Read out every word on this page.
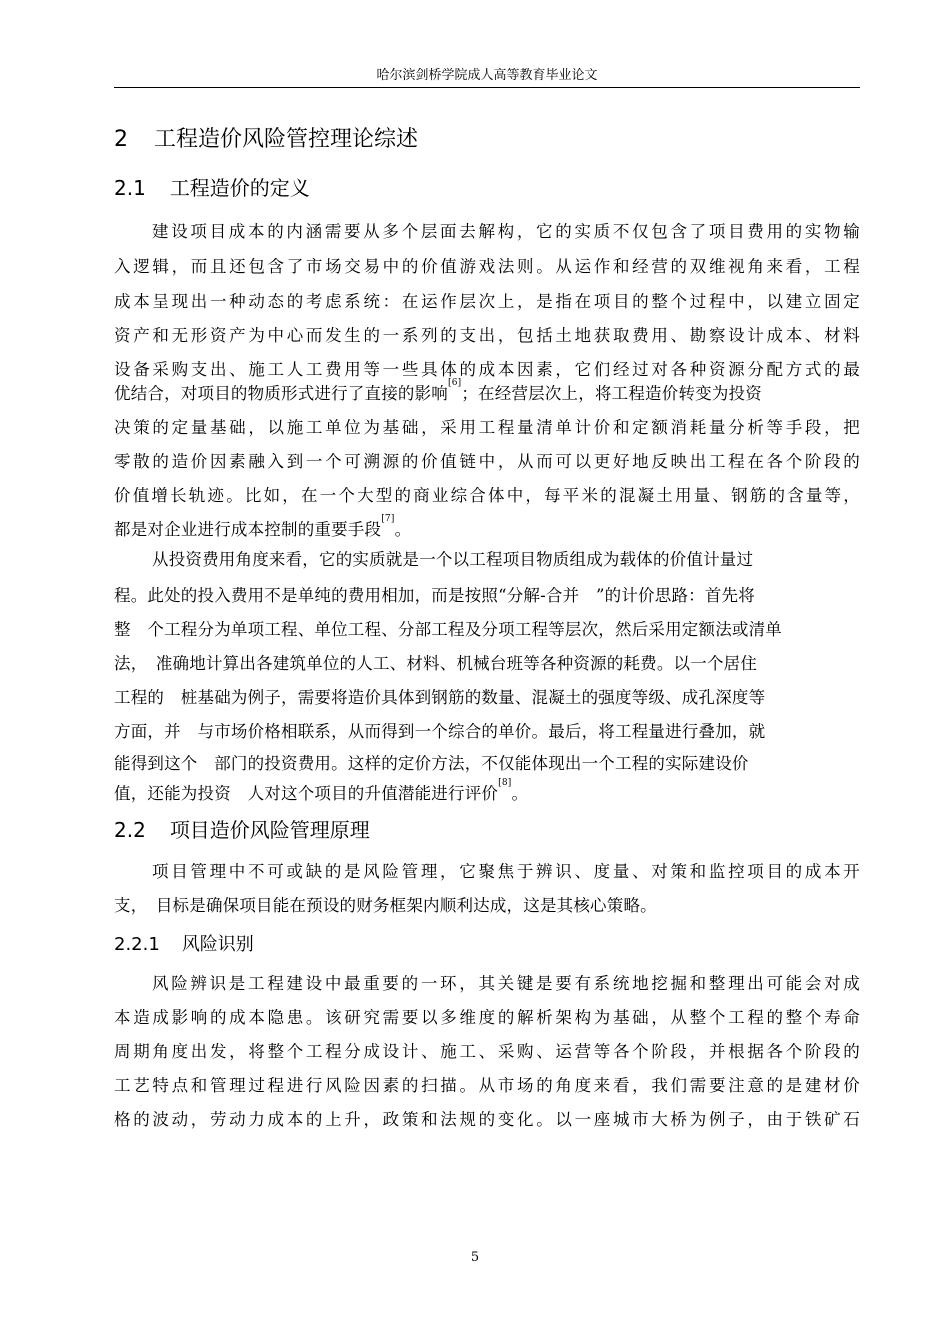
哈尔滨剑桥学院成人高等教育毕业论文
2 工程造价风险管控理论综述
2.1 工程造价的定义
建设项目成本的内涵需要从多个层面去解构，它的实质不仅包含了项目费用的实物输
入逻辑，而且还包含了市场交易中的价值游戏法则。从运作和经营的双维视角来看，工程
成本呈现出一种动态的考虑系统：在运作层次上，是指在项目的整个过程中，以建立固定
资产和无形资产为中心而发生的一系列的支出，包括土地获取费用、勘察设计成本、材料
设备采购支出、施工人工费用等一些具体的成本因素，它们经过对各种资源分配方式的最
优结合，对项目的物质形式进行了直接的影响[6]；在经营层次上，将工程造价转变为投资
决策的定量基础，以施工单位为基础，采用工程量清单计价和定额消耗量分析等手段，把
零散的造价因素融入到一个可溯源的价值链中，从而可以更好地反映出工程在各个阶段的
价值增长轨迹。比如，在一个大型的商业综合体中，每平米的混凝土用量、钢筋的含量等，
都是对企业进行成本控制的重要手段[7]。
从投资费用角度来看，它的实质就是一个以工程项目物质组成为载体的价值计量过
程。此处的投入费用不是单纯的费用相加，而是按照“分解-合并　”的计价思路：首先将
整　个工程分为单项工程、单位工程、分部工程及分项工程等层次，然后采用定额法或清单
法，　准确地计算出各建筑单位的人工、材料、机械台班等各种资源的耗费。以一个居住
工程的　桩基础为例子，需要将造价具体到钢筋的数量、混凝土的强度等级、成孔深度等
方面，并　与市场价格相联系，从而得到一个综合的单价。最后，将工程量进行叠加，就
能得到这个　部门的投资费用。这样的定价方法，不仅能体现出一个工程的实际建设价
值，还能为投资　人对这个项目的升值潜能进行评价[8]。
2.2 项目造价风险管理原理
项目管理中不可或缺的是风险管理，它聚焦于辨识、度量、对策和监控项目的成本开
支，　目标是确保项目能在预设的财务框架内顺利达成，这是其核心策略。
2.2.1 风险识别
风险辨识是工程建设中最重要的一环，其关键是要有系统地挖掘和整理出可能会对成
本造成影响的成本隐患。该研究需要以多维度的解析架构为基础，从整个工程的整个寿命
周期角度出发，将整个工程分成设计、施工、采购、运营等各个阶段，并根据各个阶段的
工艺特点和管理过程进行风险因素的扫描。从市场的角度来看，我们需要注意的是建材价
格的波动，劳动力成本的上升，政策和法规的变化。以一座城市大桥为例子，由于铁矿石
5
